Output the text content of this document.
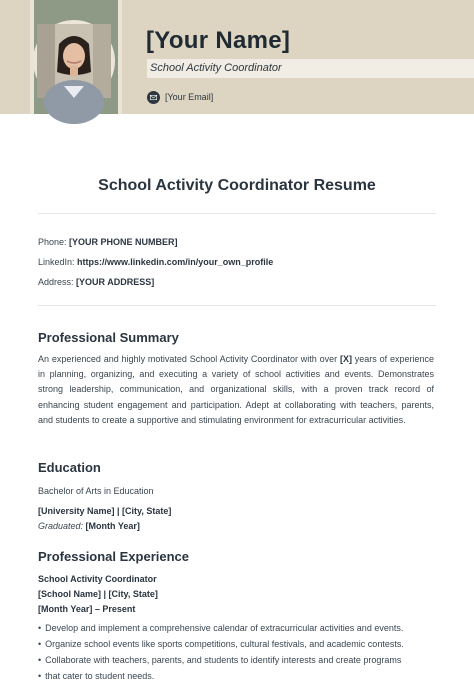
[Your Name]
School Activity Coordinator
[Your Email]
School Activity Coordinator Resume
Phone: [YOUR PHONE NUMBER]
LinkedIn: https://www.linkedin.com/in/your_own_profile
Address: [YOUR ADDRESS]
Professional Summary
An experienced and highly motivated School Activity Coordinator with over [X] years of experience in planning, organizing, and executing a variety of school activities and events. Demonstrates strong leadership, communication, and organizational skills, with a proven track record of enhancing student engagement and participation. Adept at collaborating with teachers, parents, and students to create a supportive and stimulating environment for extracurricular activities.
Education
Bachelor of Arts in Education
[University Name] | [City, State]
Graduated: [Month Year]
Professional Experience
School Activity Coordinator
[School Name] | [City, State]
[Month Year] – Present
• Develop and implement a comprehensive calendar of extracurricular activities and events.
• Organize school events like sports competitions, cultural festivals, and academic contests.
• Collaborate with teachers, parents, and students to identify interests and create programs
• that cater to student needs.
